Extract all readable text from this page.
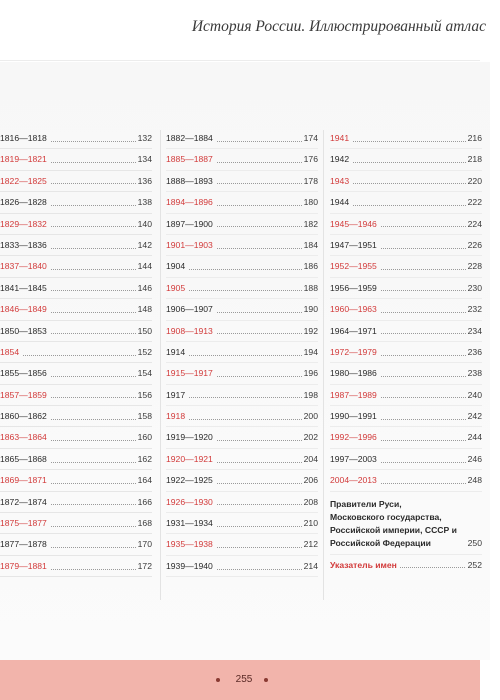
История России. Иллюстрированный атлас
1816—1818	132
1819—1821	134
1822—1825	136
1826—1828	138
1829—1832	140
1833—1836	142
1837—1840	144
1841—1845	146
1846—1849	148
1850—1853	150
1854	152
1855—1856	154
1857—1859	156
1860—1862	158
1863—1864	160
1865—1868	162
1869—1871	164
1872—1874	166
1875—1877	168
1877—1878	170
1879—1881	172
1882—1884	174
1885—1887	176
1888—1893	178
1894—1896	180
1897—1900	182
1901—1903	184
1904	186
1905	188
1906—1907	190
1908—1913	192
1914	194
1915—1917	196
1917	198
1918	200
1919—1920	202
1920—1921	204
1922—1925	206
1926—1930	208
1931—1934	210
1935—1938	212
1939—1940	214
1941	216
1942	218
1943	220
1944	222
1945—1946	224
1947—1951	226
1952—1955	228
1956—1959	230
1960—1963	232
1964—1971	234
1972—1979	236
1980—1986	238
1987—1989	240
1990—1991	242
1992—1996	244
1997—2003	246
2004—2013	248
Правители Руси, Московского государства, Российской империи, СССР и Российской Федерации	250
Указатель имен	252
255
